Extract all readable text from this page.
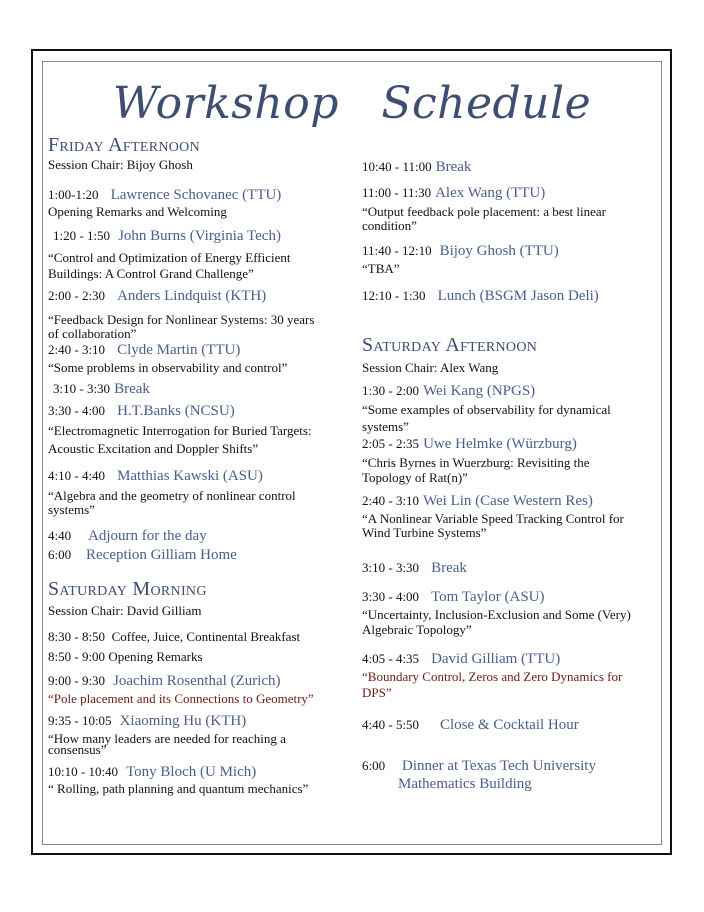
Workshop Schedule
Friday Afternoon
Session Chair: Bijoy Ghosh
1:00-1:20 Lawrence Schovanec (TTU)
Opening Remarks and Welcoming
1:20 - 1:50 John Burns (Virginia Tech)
“Control and Optimization of Energy Efficient
Buildings: A Control Grand Challenge”
2:00 - 2:30 Anders Lindquist (KTH)
“Feedback Design for Nonlinear Systems: 30 years
of collaboration”
2:40 - 3:10 Clyde Martin (TTU)
“Some problems in observability and control”
3:10 - 3:30 Break
3:30 - 4:00 H.T.Banks (NCSU)
“Electromagnetic Interrogation for Buried Targets:
Acoustic Excitation and Doppler Shifts”
4:10 - 4:40 Matthias Kawski (ASU)
“Algebra and the geometry of nonlinear control
systems”
4:40 Adjourn for the day
6:00 Reception Gilliam Home
Saturday Morning
Session Chair: David Gilliam
8:30 - 8:50 Coffee, Juice, Continental Breakfast
8:50 - 9:00 Opening Remarks
9:00 - 9:30 Joachim Rosenthal (Zurich)
“Pole placement and its Connections to Geometry”
9:35 - 10:05 Xiaoming Hu (KTH)
“How many leaders are needed for reaching a
consensus”
10:10 - 10:40 Tony Bloch (U Mich)
“ Rolling, path planning and quantum mechanics”
10:40 - 11:00 Break
11:00 - 11:30 Alex Wang (TTU)
“Output feedback pole placement: a best linear
condition”
11:40 - 12:10 Bijoy Ghosh (TTU)
“TBA”
12:10 - 1:30 Lunch (BSGM Jason Deli)
Saturday Afternoon
Session Chair: Alex Wang
1:30 - 2:00 Wei Kang (NPGS)
“Some examples of observability for dynamical
systems”
2:05 - 2:35 Uwe Helmke (Würzburg)
“Chris Byrnes in Wuerzburg: Revisiting the
Topology of Rat(n)”
2:40 - 3:10 Wei Lin (Case Western Res)
“A Nonlinear Variable Speed Tracking Control for
Wind Turbine Systems”
3:10 - 3:30 Break
3:30 - 4:00 Tom Taylor (ASU)
“Uncertainty, Inclusion-Exclusion and Some (Very)
Algebraic Topology”
4:05 - 4:35 David Gilliam (TTU)
“Boundary Control, Zeros and Zero Dynamics for
DPS”
4:40 - 5:50 Close & Cocktail Hour
6:00 Dinner at Texas Tech University
Mathematics Building
